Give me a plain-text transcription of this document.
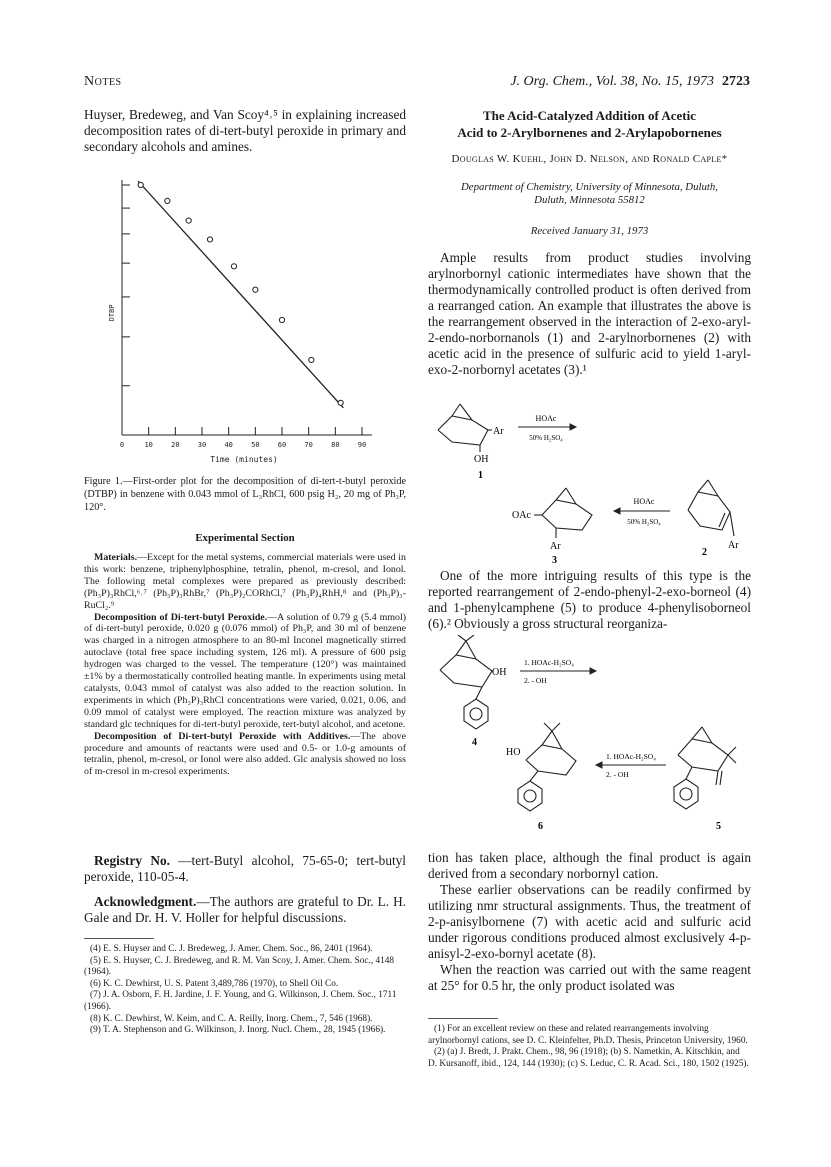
Notes	J. Org. Chem., Vol. 38, No. 15, 1973 2723

Huyser, Bredeweg, and Van Scoy⁴˒⁵ in explaining increased decomposition rates of di-tert-butyl peroxide in primary and secondary alcohols and amines.

DTBP
Time (minutes)
0	10	20	30	40	50	60	70	80	90

Figure 1.—First-order plot for the decomposition of di-tert-t-butyl peroxide (DTBP) in benzene with 0.043 mmol of L₃RhCl, 600 psig H₂, 20 mg of Ph₃P, 120°.

Experimental Section

Materials.—Except for the metal systems, commercial materials were used in this work: benzene, triphenylphosphine, tetralin, phenol, m-cresol, and Ionol. The following metal complexes were prepared as previously described: (Ph₃P)₃RhCl,⁶˒⁷ (Ph₃P)₃RhBr,⁷ (Ph₃P)₂CORhCl,⁷ (Ph₃P)₄RhH,⁸ and (Ph₃P)₃-RuCl₂.⁹

Decomposition of Di-tert-butyl Peroxide.—A solution of 0.79 g (5.4 mmol) of di-tert-butyl peroxide, 0.020 g (0.076 mmol) of Ph₃P, and 30 ml of benzene was charged in a nitrogen atmosphere to an 80-ml Inconel magnetically stirred autoclave (total free space including system, 126 ml). A pressure of 600 psig hydrogen was charged to the vessel. The temperature (120°) was maintained ±1% by a thermostatically controlled heating mantle. In experiments using metal catalysts, 0.043 mmol of catalyst was also added to the reaction solution. In experiments in which (Ph₃P)₃RhCl concentrations were varied, 0.021, 0.06, and 0.09 mmol of catalyst were employed. The reaction mixture was analyzed by standard glc techniques for di-tert-butyl peroxide, tert-butyl alcohol, and acetone.

Decomposition of Di-tert-butyl Peroxide with Additives.—The above procedure and amounts of reactants were used and 0.5- or 1.0-g amounts of tetralin, phenol, m-cresol, or Ionol were also added. Glc analysis showed no loss of m-cresol in m-cresol experiments.

Registry No. —tert-Butyl alcohol, 75-65-0; tert-butyl peroxide, 110-05-4.

Acknowledgment.—The authors are grateful to Dr. L. H. Gale and Dr. H. V. Holler for helpful discussions.

(4) E. S. Huyser and C. J. Bredeweg, J. Amer. Chem. Soc., 86, 2401 (1964).

(5) E. S. Huyser, C. J. Bredeweg, and R. M. Van Scoy, J. Amer. Chem. Soc., 4148 (1964).

(6) K. C. Dewhirst, U. S. Patent 3,489,786 (1970), to Shell Oil Co.

(7) J. A. Osborn, F. H. Jardine, J. F. Young, and G. Wilkinson, J. Chem. Soc., 1711 (1966).

(8) K. C. Dewhirst, W. Keim, and C. A. Reilly, Inorg. Chem., 7, 546 (1968).

(9) T. A. Stephenson and G. Wilkinson, J. Inorg. Nucl. Chem., 28, 1945 (1966).

The Acid-Catalyzed Addition of Acetic
Acid to 2-Arylbornenes and 2-Arylapobornenes
Douglas W. Kuehl, John D. Nelson, and Ronald Caple*
Department of Chemistry, University of Minnesota, Duluth,
Duluth, Minnesota 55812
Received January 31, 1973

Ample results from product studies involving arylnorbornyl cationic intermediates have shown that the thermodynamically controlled product is often derived from a rearranged cation. An example that illustrates the above is the rearrangement observed in the interaction of 2-exo-aryl-2-endo-norbornanols (1) and 2-arylnorbornenes (2) with acetic acid in the presence of sulfuric acid to yield 1-aryl-exo-2-norbornyl acetates (3).¹

Ar
OH
1
HOAc
50% H₂SO₄
OAc
Ar
3
HOAc
50% H₂SO₄
Ar
2

One of the more intriguing results of this type is the reported rearrangement of 2-endo-phenyl-2-exo-borneol (4) and 1-phenylcamphene (5) to produce 4-phenylisoborneol (6).² Obviously a gross structural reorganiza-

OH
4
1. HOAc-H₂SO₄
2. - OH
HO
6
1. HOAc-H₂SO₄
2. - OH
5

tion has taken place, although the final product is again derived from a secondary norbornyl cation.

These earlier observations can be readily confirmed by utilizing nmr structural assignments. Thus, the treatment of 2-p-anisylbornene (7) with acetic acid and sulfuric acid under rigorous conditions produced almost exclusively 4-p-anisyl-2-exo-bornyl acetate (8).

When the reaction was carried out with the same reagent at 25° for 0.5 hr, the only product isolated was

(1) For an excellent review on these and related rearrangements involving arylnorbornyl cations, see D. C. Kleinfelter, Ph.D. Thesis, Princeton University, 1960.

(2) (a) J. Bredt, J. Prakt. Chem., 98, 96 (1918); (b) S. Nametkin, A. Kitschkin, and D. Kursanoff, ibid., 124, 144 (1930); (c) S. Leduc, C. R. Acad. Sci., 180, 1502 (1925).
